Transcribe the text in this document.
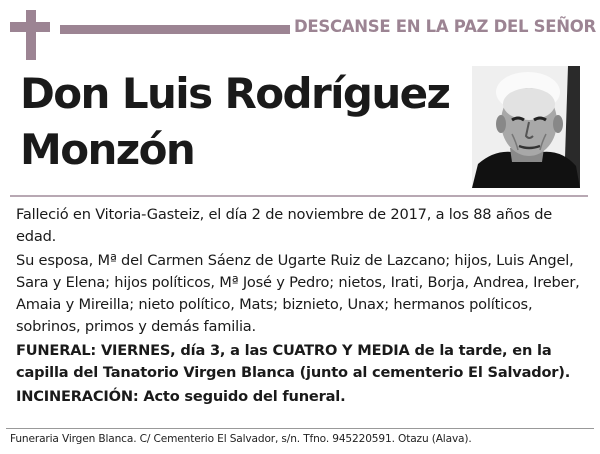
DESCANSE EN LA PAZ DEL SEÑOR
Don Luis Rodríguez
Monzón

Falleció en Vitoria-Gasteiz, el día 2 de noviembre de 2017, a los 88 años de edad.

Su esposa, Mª del Carmen Sáenz de Ugarte Ruiz de Lazcano; hijos, Luis Angel, Sara y Elena; hijos políticos, Mª José y Pedro; nietos, Irati, Borja, Andrea, Ireber, Amaia y Mireilla; nieto político, Mats; biznieto, Unax; hermanos políticos, sobrinos, primos y demás familia.

FUNERAL: VIERNES, día 3, a las CUATRO Y MEDIA de la tarde, en la capilla del Tanatorio Virgen Blanca (junto al cementerio El Salvador).

INCINERACIÓN: Acto seguido del funeral.

Funeraria Virgen Blanca. C/ Cementerio El Salvador, s/n. Tfno. 945220591. Otazu (Alava).
